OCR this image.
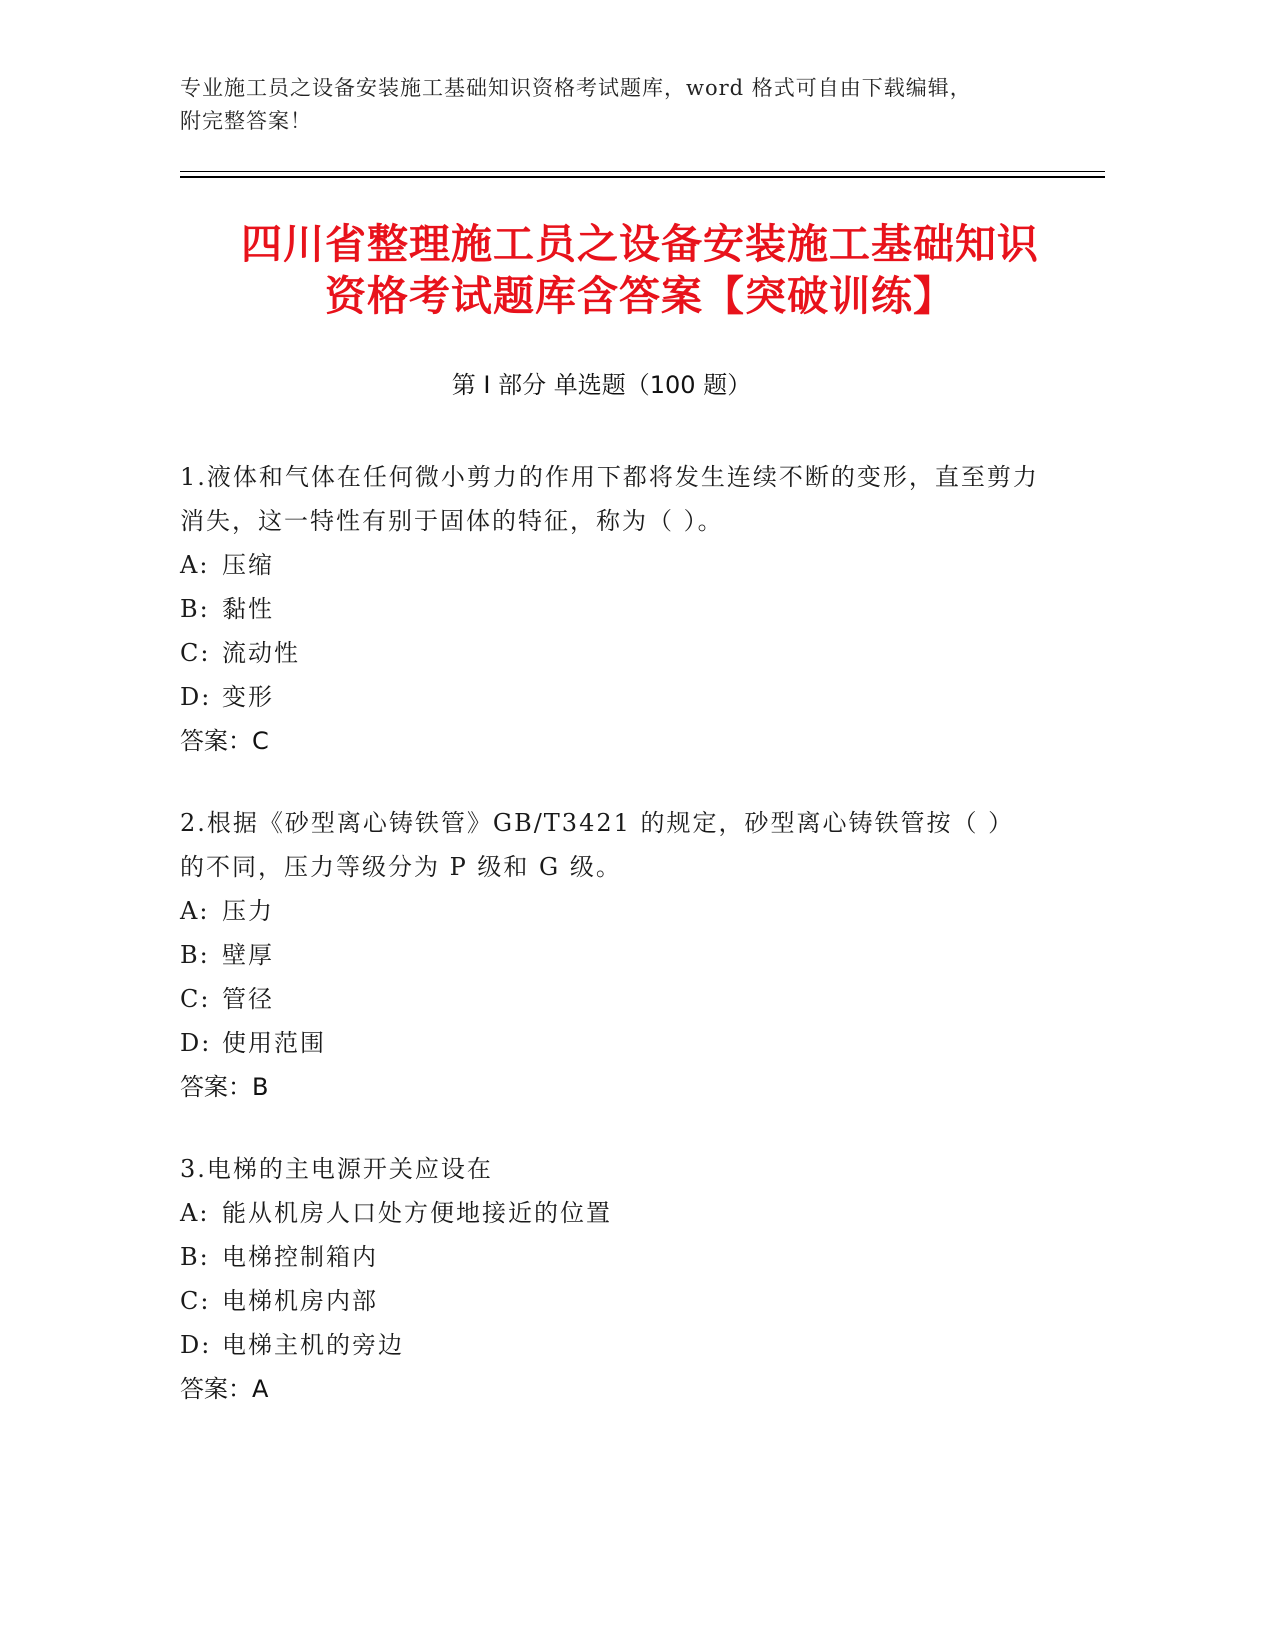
专业施工员之设备安装施工基础知识资格考试题库，word 格式可自由下载编辑，
附完整答案！
四川省整理施工员之设备安装施工基础知识
资格考试题库含答案【突破训练】
第 I 部分 单选题（100 题）
1.液体和气体在任何微小剪力的作用下都将发生连续不断的变形，直至剪力消失，这一特性有别于固体的特征，称为（ ）。
A: 压缩
B: 黏性
C: 流动性
D: 变形
答案：C
2.根据《砂型离心铸铁管》GB/T3421 的规定，砂型离心铸铁管按（ ）的不同，压力等级分为 P 级和 G 级。
A: 压力
B: 壁厚
C: 管径
D: 使用范围
答案：B
3.电梯的主电源开关应设在
A: 能从机房人口处方便地接近的位置
B: 电梯控制箱内
C: 电梯机房内部
D: 电梯主机的旁边
答案：A
